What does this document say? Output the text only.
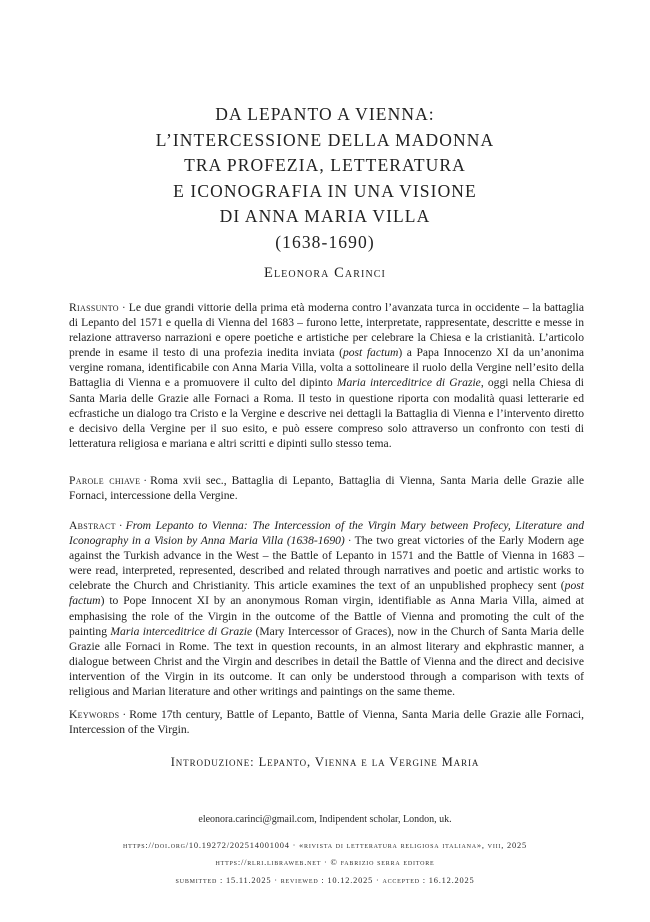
DA LEPANTO A VIENNA:
L’INTERCESSIONE DELLA MADONNA
TRA PROFEZIA, LETTERATURA
E ICONOGRAFIA IN UNA VISIONE
DI ANNA MARIA VILLA
(1638-1690)
Eleonora Carinci

Riassunto · Le due grandi vittorie della prima età moderna contro l’avanzata turca in occidente – la battaglia di Lepanto del 1571 e quella di Vienna del 1683 – furono lette, interpretate, rappresentate, descritte e messe in relazione attraverso narrazioni e opere poetiche e artistiche per celebrare la Chiesa e la cristianità. L’articolo prende in esame il testo di una profezia inedita inviata (post factum) a Papa Innocenzo XI da un’anonima vergine romana, identificabile con Anna Maria Villa, volta a sottolineare il ruolo della Vergine nell’esito della Battaglia di Vienna e a promuovere il culto del dipinto Maria interceditrice di Grazie, oggi nella Chiesa di Santa Maria delle Grazie alle Fornaci a Roma. Il testo in questione riporta con modalità quasi letterarie ed ecfrastiche un dialogo tra Cristo e la Vergine e descrive nei dettagli la Battaglia di Vienna e l’intervento diretto e decisivo della Vergine per il suo esito, e può essere compreso solo attraverso un confronto con testi di letteratura religiosa e mariana e altri scritti e dipinti sullo stesso tema.

Parole chiave · Roma xvii sec., Battaglia di Lepanto, Battaglia di Vienna, Santa Maria delle Grazie alle Fornaci, intercessione della Vergine.

Abstract · From Lepanto to Vienna: The Intercession of the Virgin Mary between Profecy, Literature and Iconography in a Vision by Anna Maria Villa (1638-1690) · The two great victories of the Early Modern age against the Turkish advance in the West – the Battle of Lepanto in 1571 and the Battle of Vienna in 1683 – were read, interpreted, represented, described and related through narratives and poetic and artistic works to celebrate the Church and Christianity. This article examines the text of an unpublished prophecy sent (post factum) to Pope Innocent XI by an anonymous Roman virgin, identifiable as Anna Maria Villa, aimed at emphasising the role of the Virgin in the outcome of the Battle of Vienna and promoting the cult of the painting Maria interceditrice di Grazie (Mary Intercessor of Graces), now in the Church of Santa Maria delle Grazie alle Fornaci in Rome. The text in question recounts, in an almost literary and ekphrastic manner, a dialogue between Christ and the Virgin and describes in detail the Battle of Vienna and the direct and decisive intervention of the Virgin in its outcome. It can only be understood through a comparison with texts of religious and Marian literature and other writings and paintings on the same theme.

Keywords · Rome 17th century, Battle of Lepanto, Battle of Vienna, Santa Maria delle Grazie alle Fornaci, Intercession of the Virgin.

Introduzione: Lepanto, Vienna e la Vergine Maria
eleonora.carinci@gmail.com, Indipendent scholar, London, uk.
https://doi.org/10.19272/202514001004 · «rivista di letteratura religiosa italiana», viii, 2025
https://rlri.libraweb.net · © fabrizio serra editore
submitted : 15.11.2025 · reviewed : 10.12.2025 · accepted : 16.12.2025
